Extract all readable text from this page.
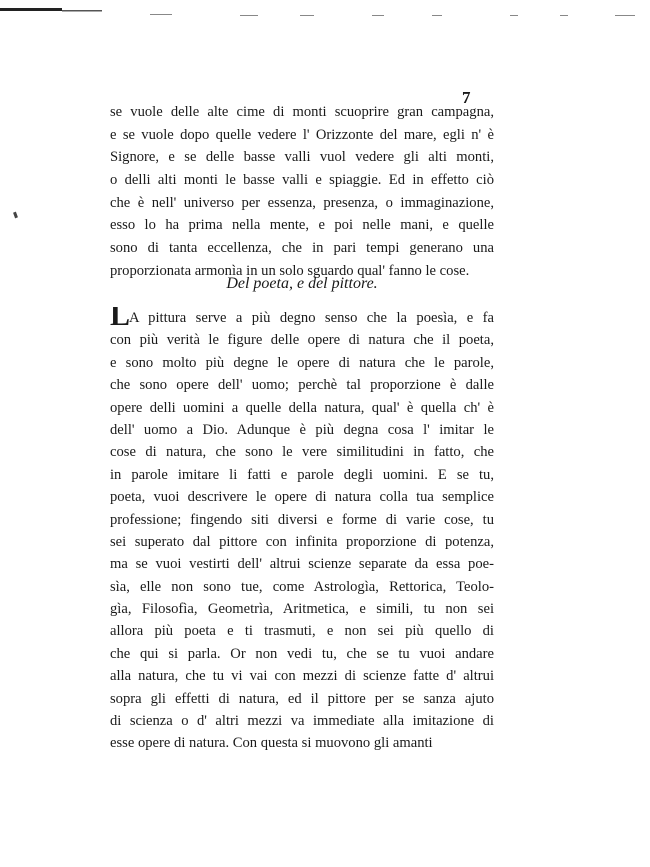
7
se vuole delle alte cime di monti scuoprire gran campagna,
e se vuole dopo quelle vedere l' Orizzonte del mare, egli n' è
Signore, e se delle basse valli vuol vedere gli alti monti,
o delli alti monti le basse valli e spiaggie. Ed in effetto ciò
che è nell' universo per essenza, presenza, o immaginazione,
esso lo ha prima nella mente, e poi nelle mani, e quelle
sono di tanta eccellenza, che in pari tempi generano una
proporzionata armonìa in un solo sguardo qual' fanno le cose.
Del poeta, e del pittore.
LA pittura serve a più degno senso che la poesìa, e fa
con più verità le figure delle opere di natura che il poeta,
e sono molto più degne le opere di natura che le parole,
che sono opere dell' uomo; perchè tal proporzione è dalle
opere delli uomini a quelle della natura, qual' è quella ch' è
dell' uomo a Dio. Adunque è più degna cosa l' imitar le
cose di natura, che sono le vere similitudini in fatto, che
in parole imitare li fatti e parole degli uomini. E se tu,
poeta, vuoi descrivere le opere di natura colla tua semplice
professione; fingendo siti diversi e forme di varie cose, tu
sei superato dal pittore con infinita proporzione di potenza,
ma se vuoi vestirti dell' altrui scienze separate da essa poe-
sìa, elle non sono tue, come Astrologìa, Rettorica, Teolo-
gìa, Filosofìa, Geometrìa, Aritmetica, e simili, tu non sei
allora più poeta e ti trasmuti, e non sei più quello di
che qui si parla. Or non vedi tu, che se tu vuoi andare
alla natura, che tu vi vai con mezzi di scienze fatte d' altrui
sopra gli effetti di natura, ed il pittore per se sanza ajuto
di scienza o d' altri mezzi va immediate alla imitazione di
esse opere di natura. Con questa si muovono gli amanti
